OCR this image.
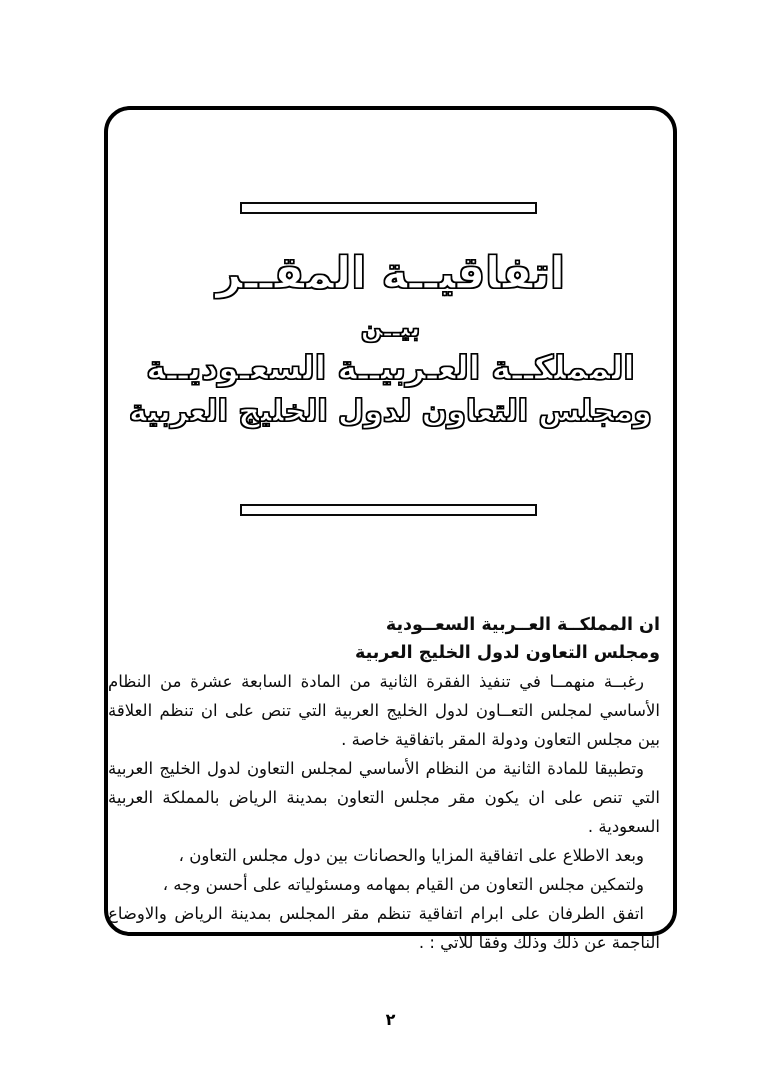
اتفاقيــة المقــر
بيــن
المملكــة العـربيــة السعـوديــة
ومجلس التعاون لدول الخليج العربية
ان المملكــة العــربية السعــودية
ومجلس التعاون لدول الخليج العربية

رغبــة منهمــا في تنفيذ الفقرة الثانية من المادة السابعة عشرة من النظام الأساسي لمجلس التعــاون لدول الخليج العربية التي تنص على ان تنظم العلاقة بين مجلس التعاون ودولة المقر باتفاقية خاصة .

وتطبيقا للمادة الثانية من النظام الأساسي لمجلس التعاون لدول الخليج العربية التي تنص على ان يكون مقر مجلس التعاون بمدينة الرياض بالمملكة العربية السعودية .

وبعد الاطلاع على اتفاقية المزايا والحصانات بين دول مجلس التعاون ،

ولتمكين مجلس التعاون من القيام بمهامه ومسئولياته على أحسن وجه ،

اتفق الطرفان على ابرام اتفاقية تنظم مقر المجلس بمدينة الرياض والاوضاع الناجمة عن ذلك وذلك وفقا للآتي : .

٢
